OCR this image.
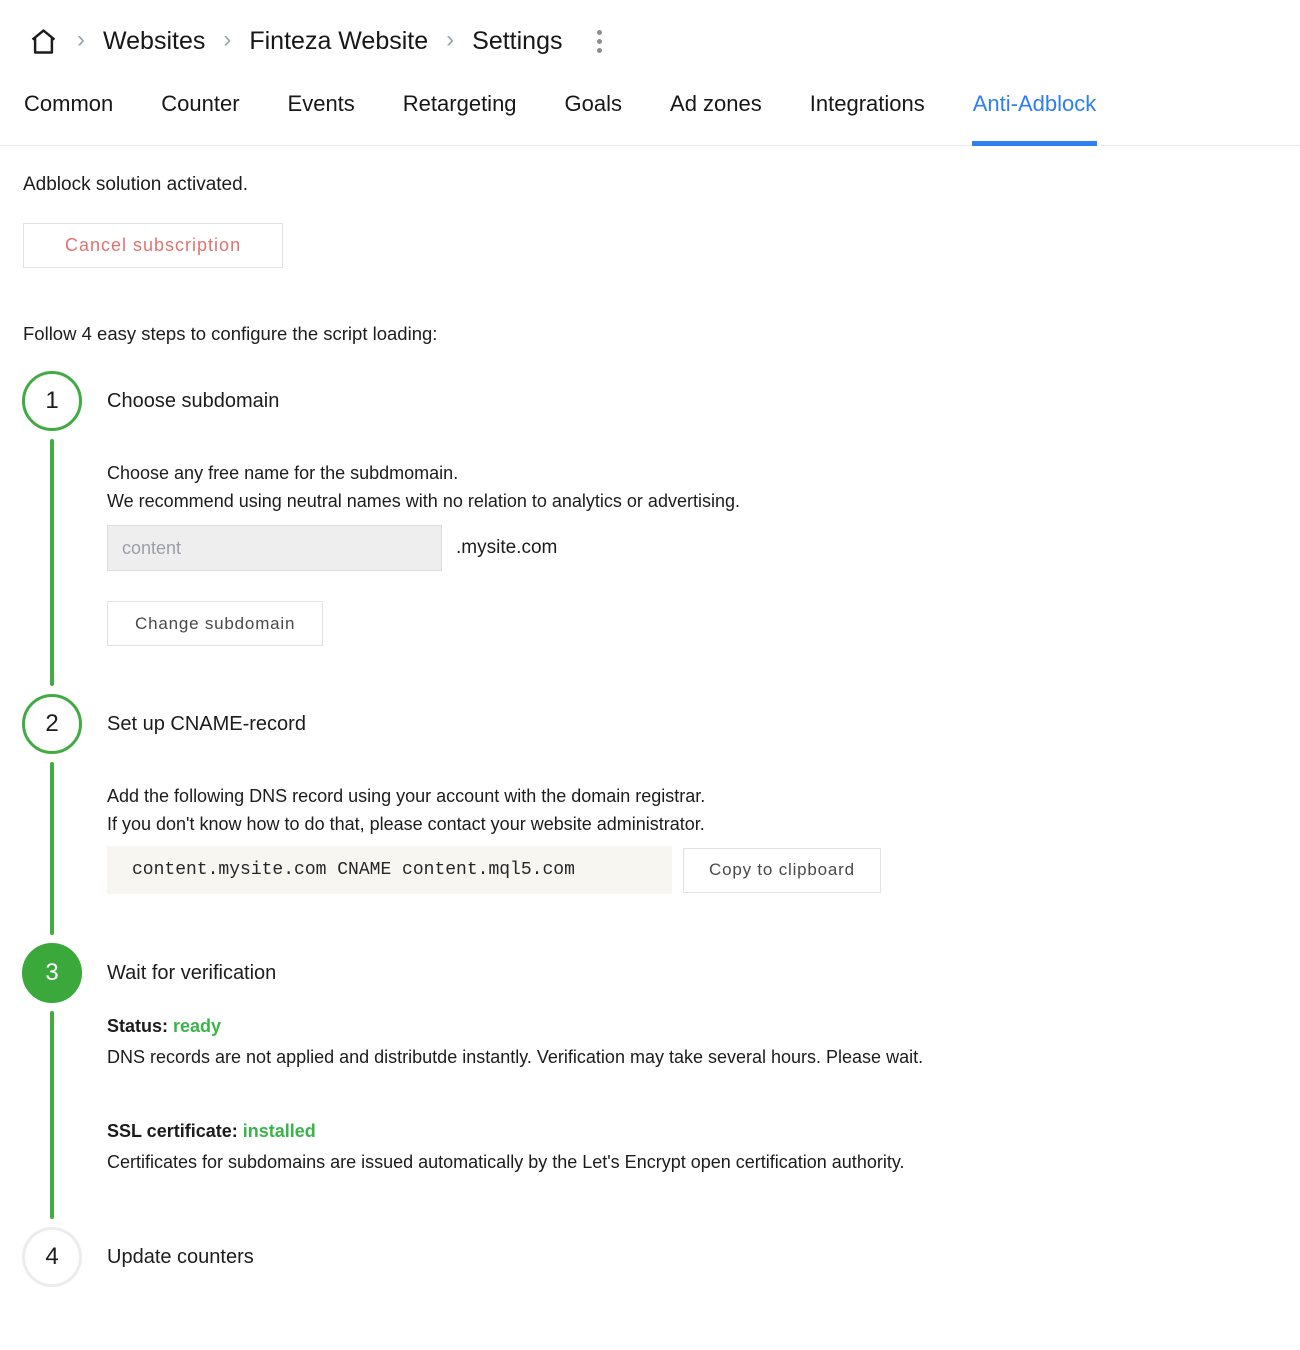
› Websites › Finteza Website › Settings
Common Counter Events Retargeting Goals Ad zones Integrations Anti-Adblock
Adblock solution activated.
Cancel subscription
Follow 4 easy steps to configure the script loading:
1	Choose subdomain
Choose any free name for the subdmomain.
We recommend using neutral names with no relation to analytics or advertising.
content
.mysite.com
Change subdomain
2	Set up CNAME-record
Add the following DNS record using your account with the domain registrar.
If you don't know how to do that, please contact your website administrator.
content.mysite.com CNAME content.mql5.com	Copy to clipboard
3	Wait for verification
Status: ready
DNS records are not applied and distributde instantly. Verification may take several hours. Please wait.
SSL certificate: installed
Certificates for subdomains are issued automatically by the Let's Encrypt open certification authority.
4	Update counters
